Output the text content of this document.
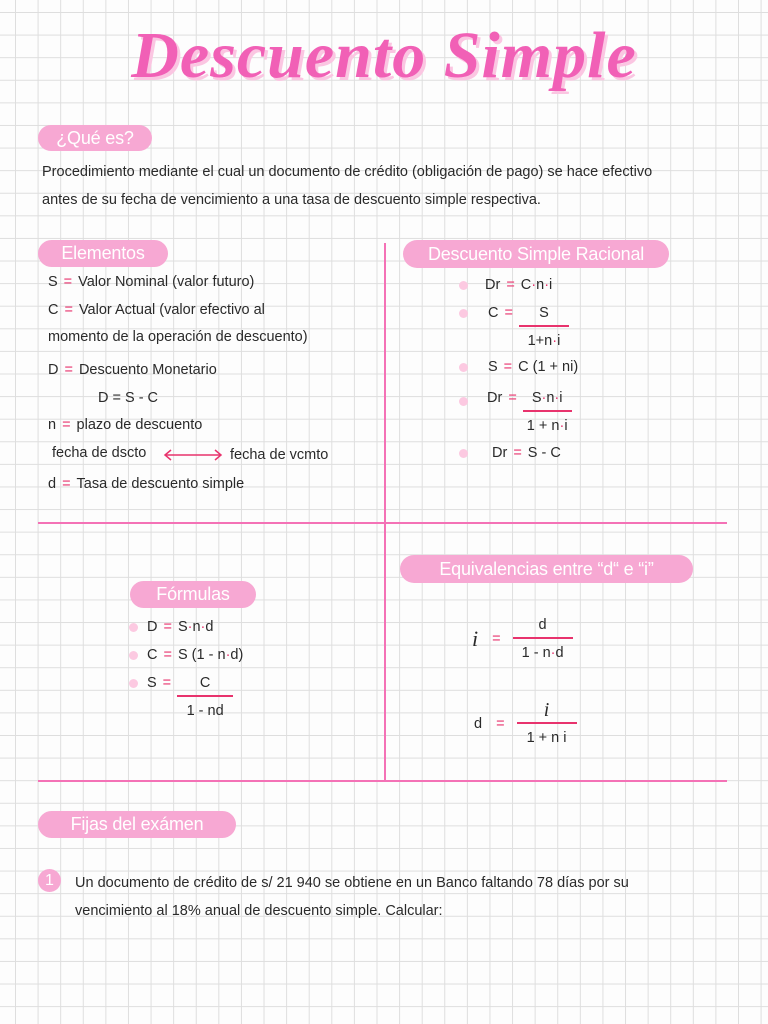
Descuento Simple
¿Qué es?
Procedimiento mediante el cual un documento de crédito (obligación de pago) se hace efectivo
antes de su fecha de vencimiento a una tasa de descuento simple respectiva.
Elementos
S = Valor Nominal (valor futuro)
C = Valor Actual (valor efectivo al
momento de la operación de descuento)
D = Descuento Monetario
D = S - C
n = plazo de descuento
fecha de dscto	fecha de vcmto
d = Tasa de descuento simple
Descuento Simple Racional
Dr = C·n·i
$C = \frac{S}{1+n\cdot i}$
S = C (1 + ni)
$Dr = \frac{S\cdot n\cdot i}{1 + n\cdot i}$
Dr = S - C
Fórmulas
D = S·n·d
C = S (1 - n·d)
$S = \frac{C}{1 - nd}$
Equivalencias entre “d“ e “i”
$i = \frac{d}{1 - n\cdot d}$
$d = \frac{i}{\text{1 + n i}}$
Fijas del exámen
1	Un documento de crédito de s/ 21 940 se obtiene en un Banco faltando 78 días por su
vencimiento al 18% anual de descuento simple. Calcular:
